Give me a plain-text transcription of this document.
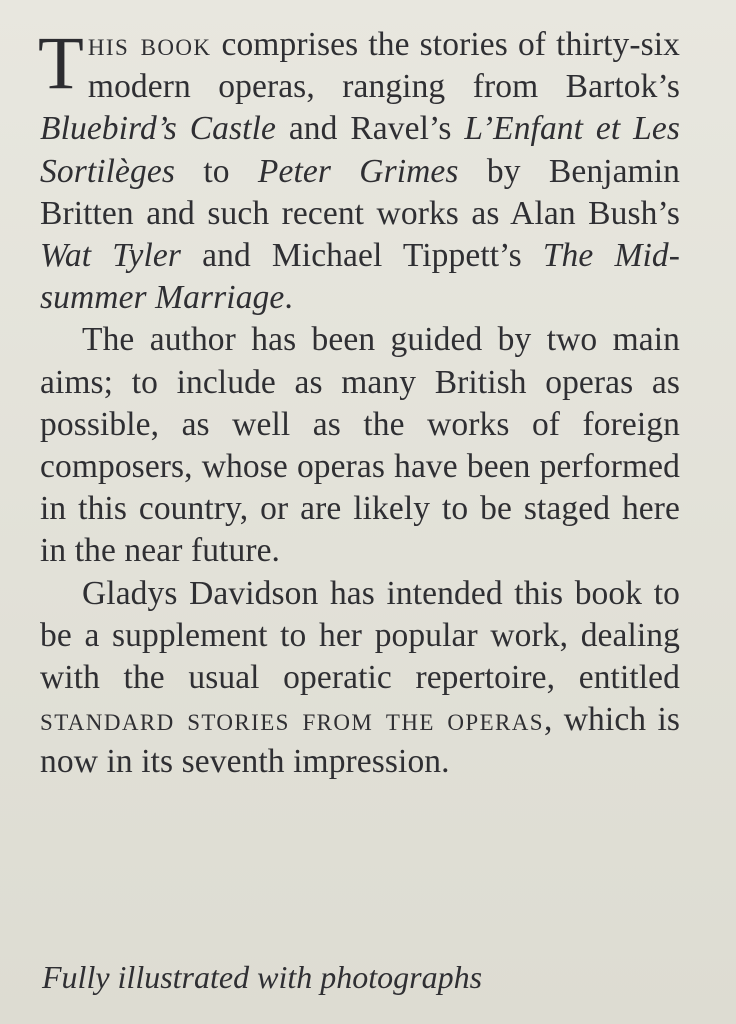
This book comprises the stories of thirty-six modern operas, ranging from Bartok’s Bluebird’s Castle and Ravel’s L’Enfant et Les Sortilèges to Peter Grimes by Benjamin Britten and such recent works as Alan Bush’s Wat Tyler and Michael Tippett’s The Mid-summer Marriage.

The author has been guided by two main aims; to include as many British operas as possible, as well as the works of foreign composers, whose operas have been performed in this country, or are likely to be staged here in the near future.

Gladys Davidson has intended this book to be a supplement to her popular work, dealing with the usual operatic repertoire, entitled standard stories from the operas, which is now in its seventh impression.

Fully illustrated with photographs
